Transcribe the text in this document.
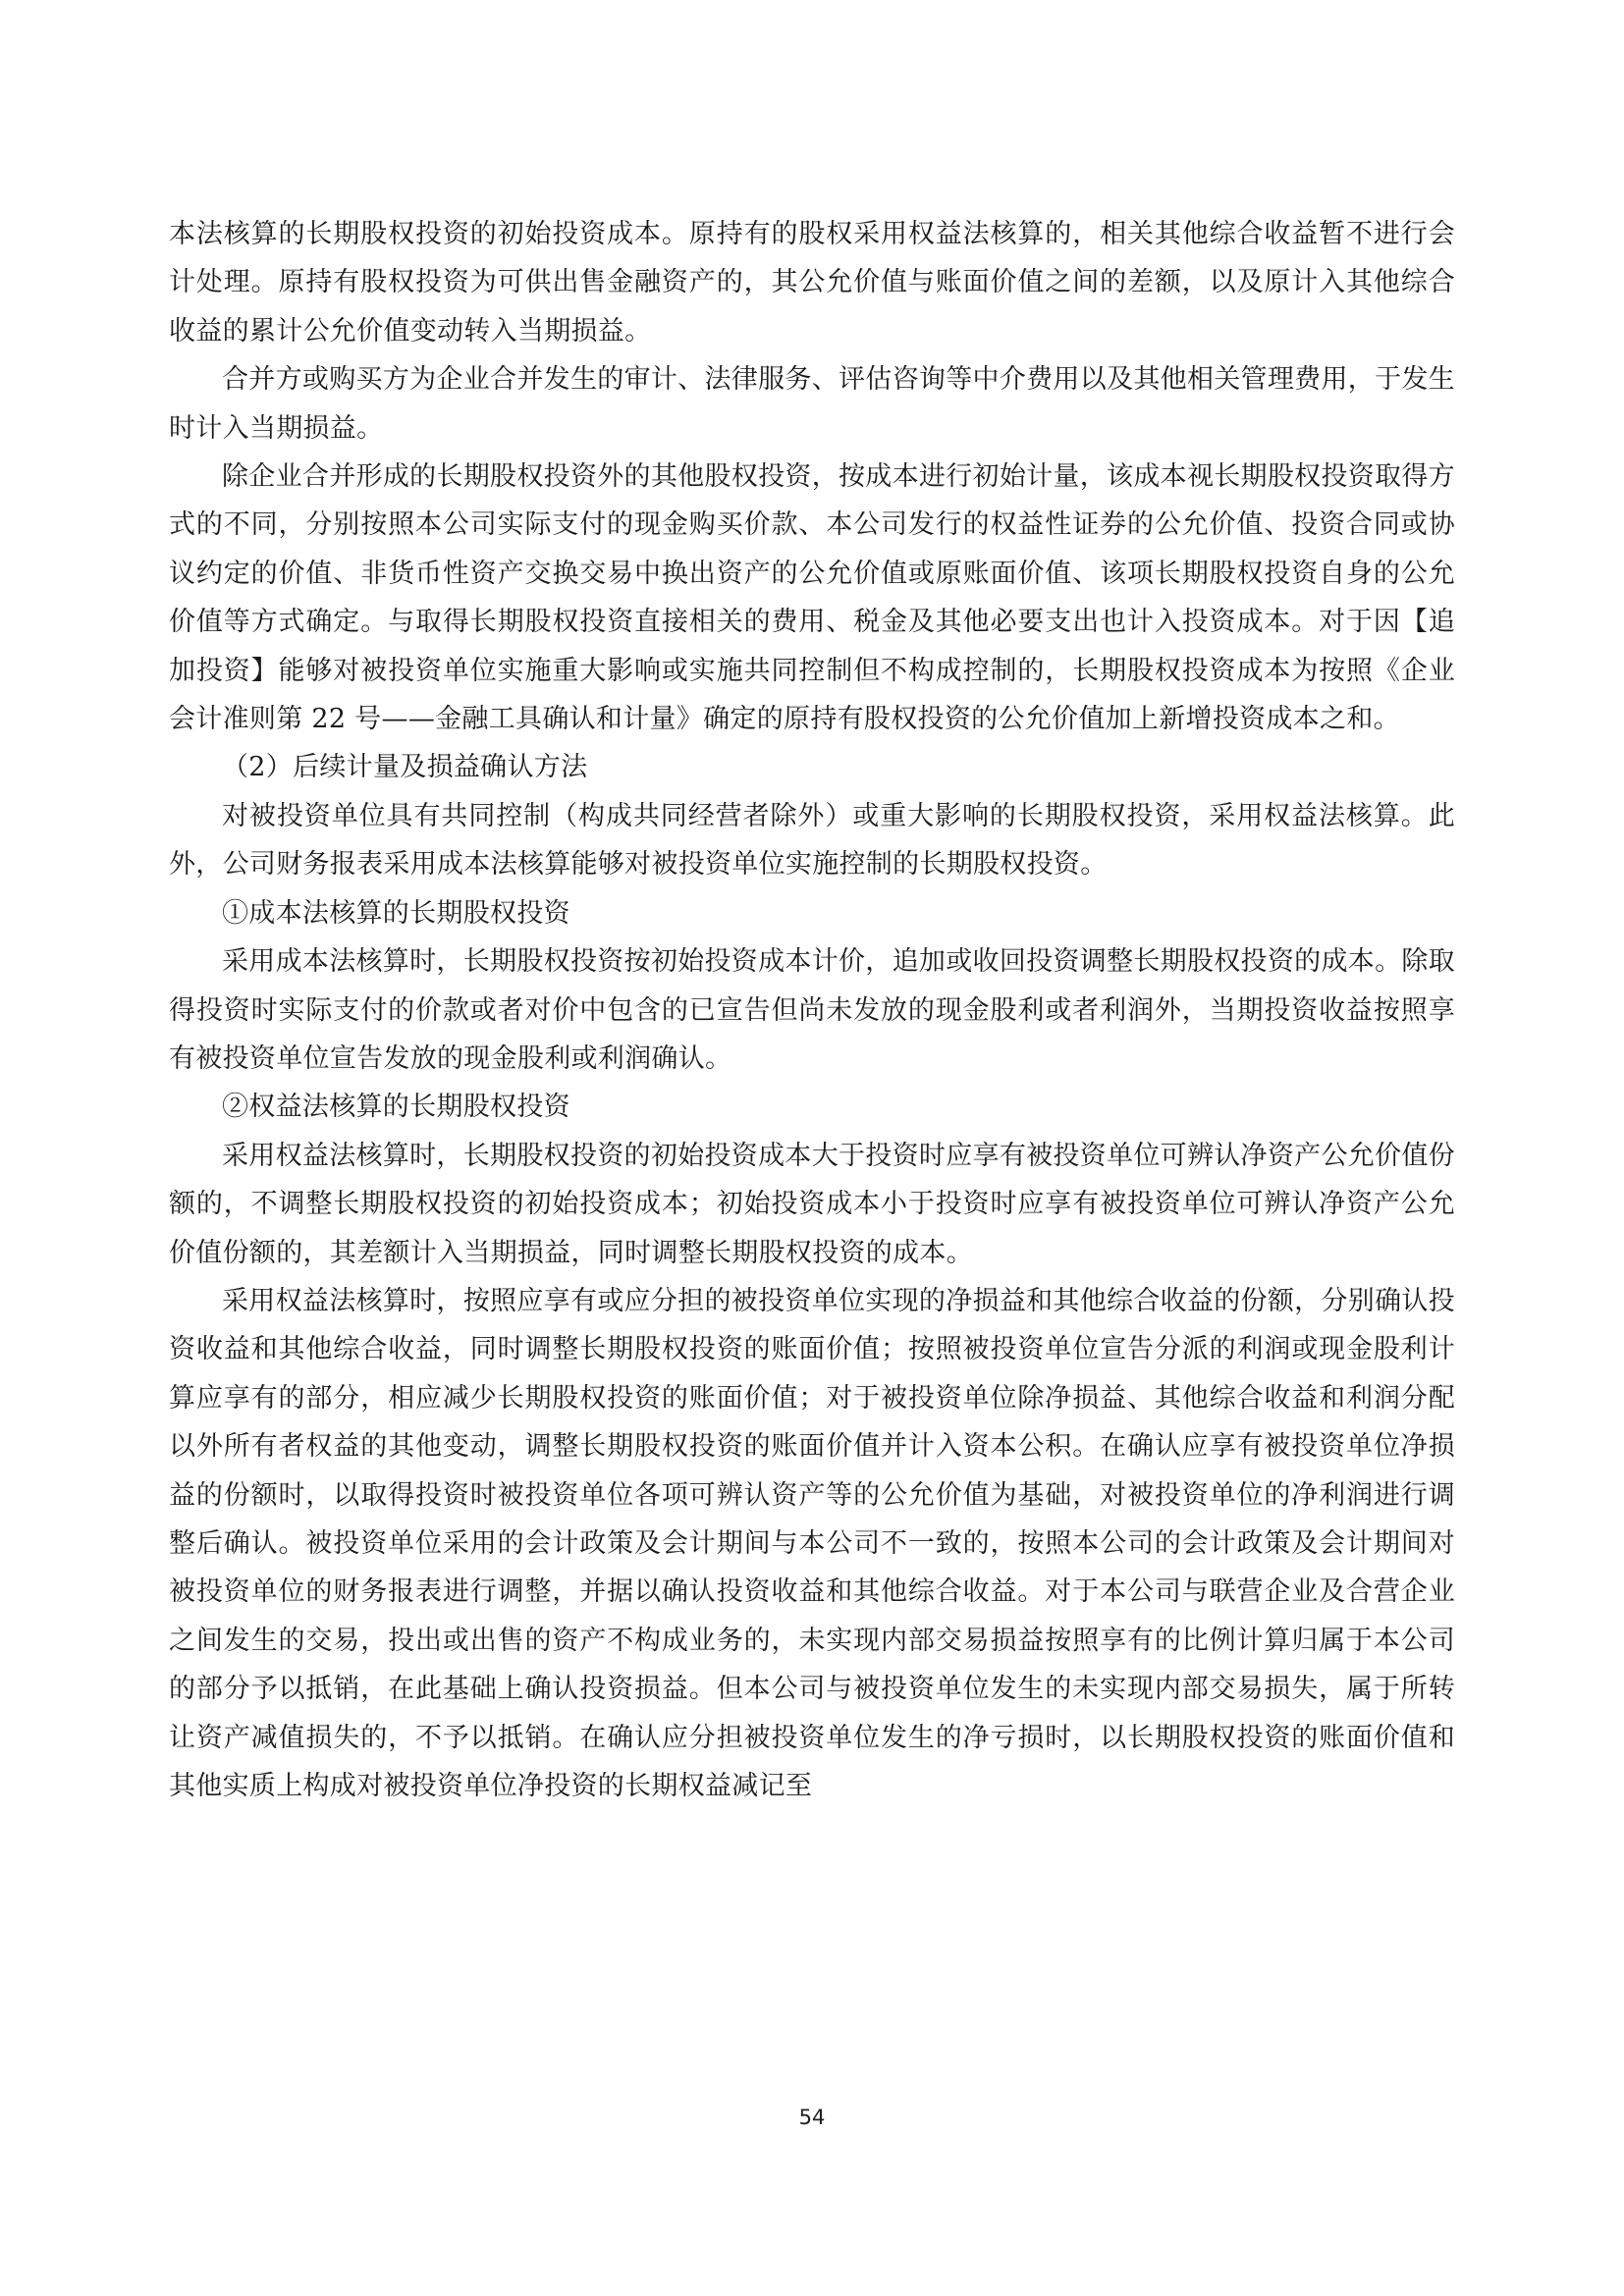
本法核算的长期股权投资的初始投资成本。原持有的股权采用权益法核算的，相关其他综合收益暂不进行会计处理。原持有股权投资为可供出售金融资产的，其公允价值与账面价值之间的差额，以及原计入其他综合收益的累计公允价值变动转入当期损益。

合并方或购买方为企业合并发生的审计、法律服务、评估咨询等中介费用以及其他相关管理费用，于发生时计入当期损益。

除企业合并形成的长期股权投资外的其他股权投资，按成本进行初始计量，该成本视长期股权投资取得方式的不同，分别按照本公司实际支付的现金购买价款、本公司发行的权益性证券的公允价值、投资合同或协议约定的价值、非货币性资产交换交易中换出资产的公允价值或原账面价值、该项长期股权投资自身的公允价值等方式确定。与取得长期股权投资直接相关的费用、税金及其他必要支出也计入投资成本。对于因【追加投资】能够对被投资单位实施重大影响或实施共同控制但不构成控制的，长期股权投资成本为按照《企业会计准则第 22 号——金融工具确认和计量》确定的原持有股权投资的公允价值加上新增投资成本之和。

（2）后续计量及损益确认方法

对被投资单位具有共同控制（构成共同经营者除外）或重大影响的长期股权投资，采用权益法核算。此外，公司财务报表采用成本法核算能够对被投资单位实施控制的长期股权投资。

①成本法核算的长期股权投资

采用成本法核算时，长期股权投资按初始投资成本计价，追加或收回投资调整长期股权投资的成本。除取得投资时实际支付的价款或者对价中包含的已宣告但尚未发放的现金股利或者利润外，当期投资收益按照享有被投资单位宣告发放的现金股利或利润确认。

②权益法核算的长期股权投资

采用权益法核算时，长期股权投资的初始投资成本大于投资时应享有被投资单位可辨认净资产公允价值份额的，不调整长期股权投资的初始投资成本；初始投资成本小于投资时应享有被投资单位可辨认净资产公允价值份额的，其差额计入当期损益，同时调整长期股权投资的成本。

采用权益法核算时，按照应享有或应分担的被投资单位实现的净损益和其他综合收益的份额，分别确认投资收益和其他综合收益，同时调整长期股权投资的账面价值；按照被投资单位宣告分派的利润或现金股利计算应享有的部分，相应减少长期股权投资的账面价值；对于被投资单位除净损益、其他综合收益和利润分配以外所有者权益的其他变动，调整长期股权投资的账面价值并计入资本公积。在确认应享有被投资单位净损益的份额时，以取得投资时被投资单位各项可辨认资产等的公允价值为基础，对被投资单位的净利润进行调整后确认。被投资单位采用的会计政策及会计期间与本公司不一致的，按照本公司的会计政策及会计期间对被投资单位的财务报表进行调整，并据以确认投资收益和其他综合收益。对于本公司与联营企业及合营企业之间发生的交易，投出或出售的资产不构成业务的，未实现内部交易损益按照享有的比例计算归属于本公司的部分予以抵销，在此基础上确认投资损益。但本公司与被投资单位发生的未实现内部交易损失，属于所转让资产减值损失的，不予以抵销。在确认应分担被投资单位发生的净亏损时，以长期股权投资的账面价值和其他实质上构成对被投资单位净投资的长期权益减记至

54
